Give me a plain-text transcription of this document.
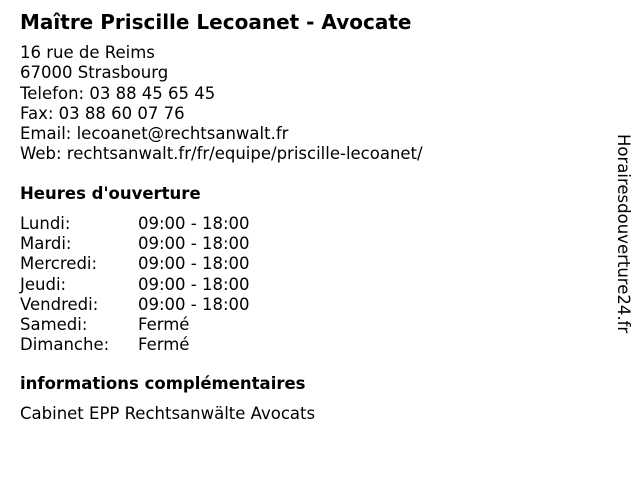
Maître Priscille Lecoanet - Avocate
16 rue de Reims
67000 Strasbourg
Telefon: 03 88 45 65 45
Fax: 03 88 60 07 76
Email: lecoanet@rechtsanwalt.fr
Web: rechtsanwalt.fr/fr/equipe/priscille-lecoanet/
Heures d'ouverture
Lundi:	09:00 - 18:00
Mardi:	09:00 - 18:00
Mercredi:	09:00 - 18:00
Jeudi:	09:00 - 18:00
Vendredi:	09:00 - 18:00
Samedi:	Fermé
Dimanche:	Fermé
informations complémentaires
Cabinet EPP Rechtsanwälte Avocats
Horairesdouverture24.fr
